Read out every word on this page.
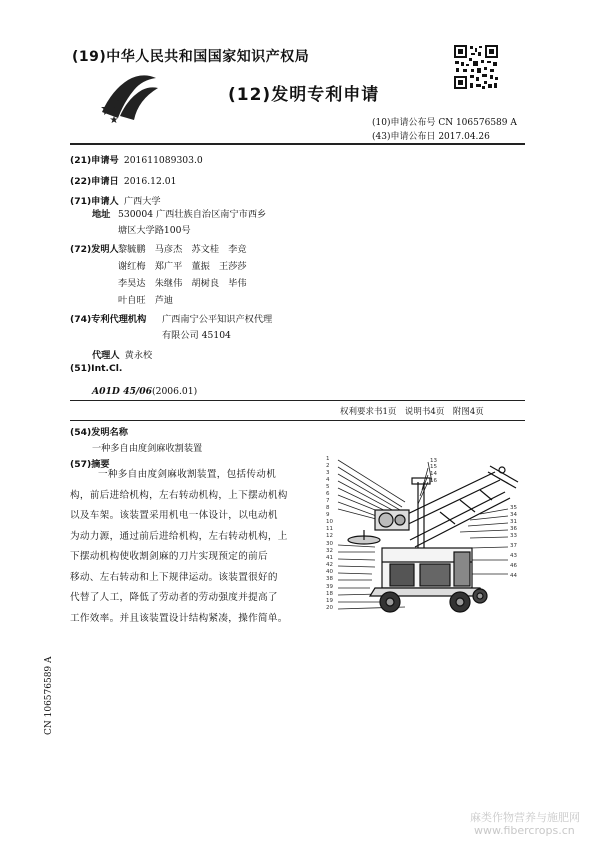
(19)中华人民共和国国家知识产权局
(12)发明专利申请
(10)申请公布号 CN 106576589 A
(43)申请公布日 2017.04.26
(21)申请号 201611089303.0
(22)申请日 2016.12.01
(71)申请人 广西大学
地址 530004 广西壮族自治区南宁市西乡
塘区大学路100号
(72)发明人 黎毓鹏　马彦杰　苏文桂　李竞
谢红梅　郑广平　董振　王莎莎
李昊达　朱继伟　胡树良　毕伟
叶自旺　芦迪
(74)专利代理机构 广西南宁公平知识产权代理
有限公司 45104
代理人 黄永校
(51)Int.Cl.
A01D 45/06(2006.01)
权利要求书1页　说明书4页　附图4页
(54)发明名称
一种多自由度剑麻收割装置
(57)摘要
一种多自由度剑麻收割装置，包括传动机
构，前后进给机构，左右转动机构，上下摆动机构
以及车架。该装置采用机电一体设计，以电动机
为动力源，通过前后进给机构，左右转动机构，上
下摆动机构使收割剑麻的刀片实现预定的前后
移动、左右转动和上下规律运动。该装置很好的
代替了人工，降低了劳动者的劳动强度并提高了
工作效率。并且该装置设计结构紧凑，操作简单。
1
2
3
4
5
6
7
8
9
10
11
12
30
32
41
42
40
38
39
18
19
20
13
15
14
16
35
34
31
36
33
37
43
46
44
CN 106576589 A
麻类作物营养与施肥网
www.fibercrops.cn
